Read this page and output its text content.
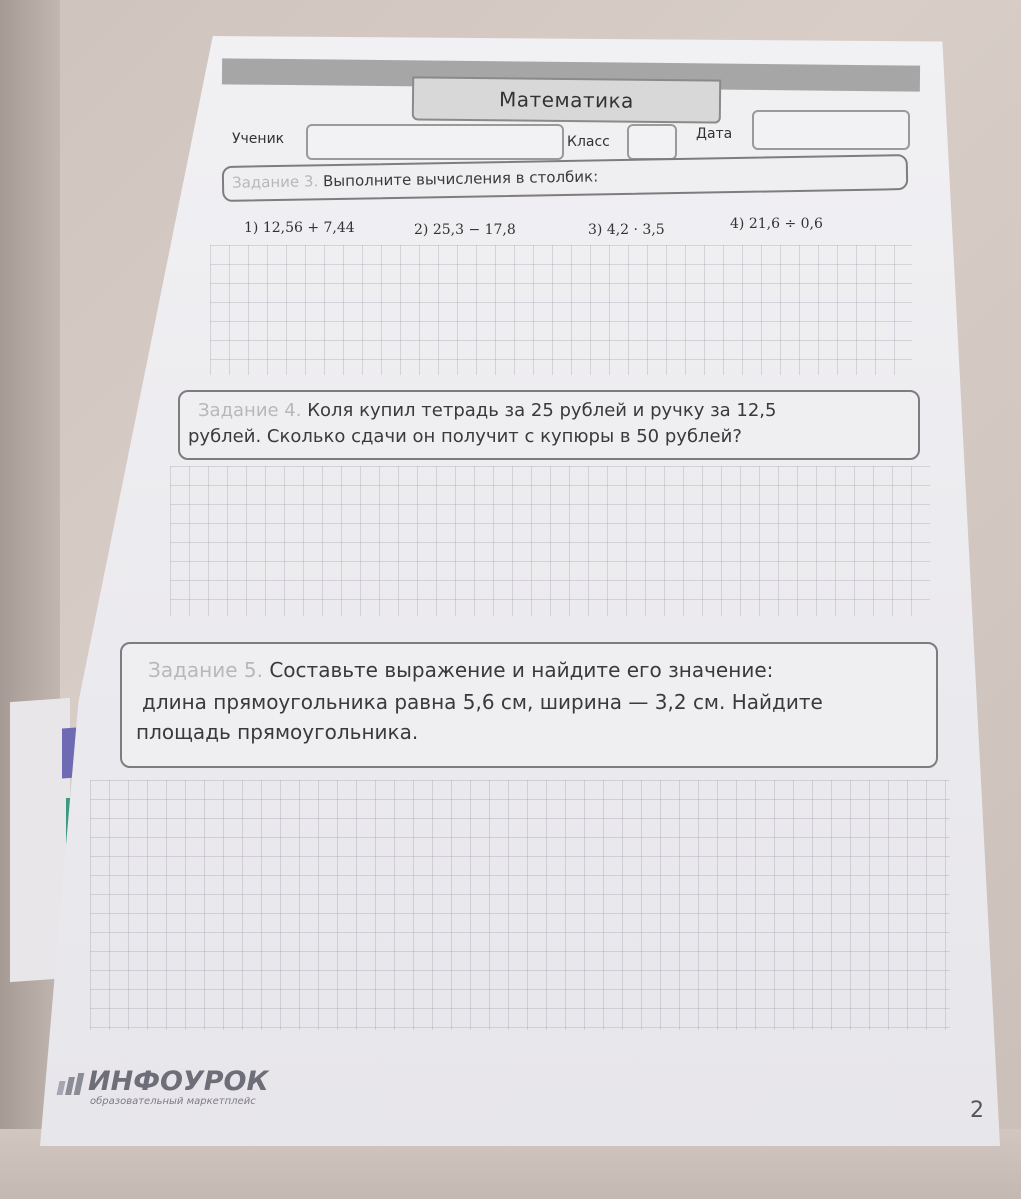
Математика
Ученик	Класс	Дата
Задание 3. Выполните вычисления в столбик:
1) 12,56 + 7,44	2) 25,3 − 17,8	3) 4,2 · 3,5	4) 21,6 ÷ 0,6
Задание 4. Коля купил тетрадь за 25 рублей и ручку за 12,5
рублей. Сколько сдачи он получит с купюры в 50 рублей?
Задание 5. Составьте выражение и найдите его значение:
длина прямоугольника равна 5,6 см, ширина — 3,2 см. Найдите
площадь прямоугольника.
ИНФОУРОК
образовательный маркетплейс	2
